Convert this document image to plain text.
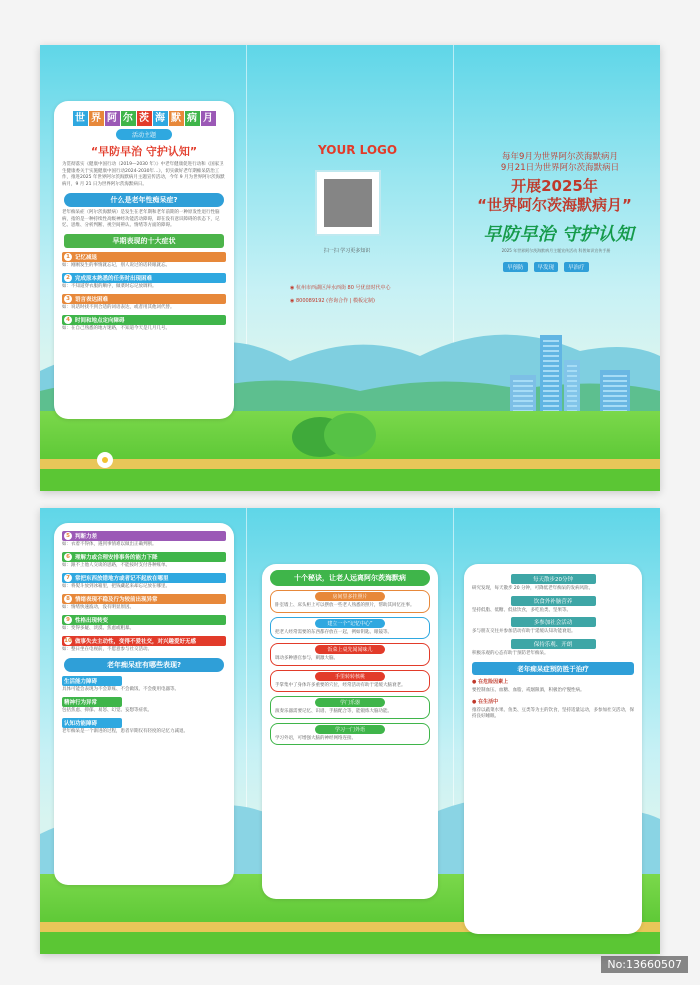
世 界 阿 尔 茨 海 默 病 月
活动主题
“早防早治 守护认知”
为贯彻落实《健康中国行动（2019—2030 年）》中老年健康促进行动和《国家卫生健康委关于实施健康中国行动2024-2030年…》，切实做好老年期痴呆防治工作，推进2025 年世界阿尔茨海默病月主题宣传活动，今年 9 月为世界阿尔茨海默病月，9 月 21 日为世界阿尔茨海默病日。
什么是老年性痴呆症?
老年痴呆症（阿尔茨海默病）是发生在老年期和老年前期的一种原发性退行性脑病，指的是一种持续性高级神经功能活动障碍，即在没有意识障碍的状态下，记忆、思维、分析判断、视空间辨认、情绪等方面的障碍。
早期表现的十大症状
1 记忆减退
如：刚刚发生的事情就忘记，别人说过的话转眼就忘。
2 完成原本熟悉的任务时出现困难
如：不知道穿衣服的顺序，做菜时忘记放调料。
3 语言表达困难
如：说话时找不到合适的词语表达，或者用其他词代替。
4 时间和地点定向障碍
如：在自己熟悉的地方迷路，不知道今天是几月几号。
YOUR LOGO
扫一扫 学习更多知识
◉ 杭州市西湖区萍水西街 80 号优盘时代中心
◉ 800089192 (咨询合作 | 模板定制)
每年9月为世界阿尔茨海默病月
9月21日为世界阿尔茨海默病日
开展2025年
“世界阿尔茨海默病月”
早防早治 守护认知
2025 年世界阿尔茨海默病月主题宣传活动 科普知识宣传手册
早预防	早发现	早治疗
5 判断力差
如：衣着不得体，遇到事情难以做出正确判断。
6 理解力或合理安排事务的能力下降
如：跟不上他人交谈的思路，不能按时支付各种账单。
7 常把东西放错地方或者记不起放在哪里
如：将熨斗放到冰箱里，把钱藏起来却忘记放在哪里。
8 情绪表现不稳及行为较前出现异常
如：情绪快速波动，没有明显原因。
9 性格出现转变
如：变得多疑、淡漠、焦虑或粗暴。
10 做事失去主动性，变得不爱社交，对兴趣爱好无感
如：整日坐在电视前，不愿意参与社交活动。
老年痴呆症有哪些表现?
生活能力障碍
具体可能会表现为不会算账、不会做饭、不会使用电器等。
精神行为异常
包括焦虑、抑郁、易怒、幻觉、妄想等症状。
认知功能障碍
老年痴呆是一个渐进的过程，患者早期仅有轻度的记忆力减退。
十个秘诀，让老人远离阿尔茨海默病
房间里多挂照片

卧室墙上、床头柜上可以摆放一些老人熟悉的照片，帮助其回忆往事。

建立一个“记忆中心”

把老人经常需要的东西都存放在一起，例如钥匙、眼镜等。

饭菜上桌先闻闻味儿

调动多种感官参与，刺激大脑。

手里转转核桃

手掌集中了身体许多重要的穴位，经常活动有助于延缓大脑衰老。

学门乐器

演奏乐器需要记忆、识谱、手脑配合等，能锻炼大脑功能。

学习一门外语

学习外语，可增强大脑的神经网络连接。

每天散步20分钟

研究发现，每天散步 20 分钟，可降低老年痴呆的发病风险。

饮食外补脑营养

坚持低脂、低糖、低盐饮食，多吃鱼类、坚果等。

多参加社会活动

多与朋友交往并参加活动有助于延缓认知功能衰退。

保持乐观、开朗

积极乐观的心态有助于预防老年痴呆。

老年痴呆症预防胜于治疗
● 在危险因素上
要控制血压、血糖、血脂，戒烟限酒，积极治疗慢性病。
● 在生活中
推荐以蔬菜水果、鱼类、豆类等为主的饮食，坚持适量运动，多参加社交活动，保持良好睡眠。
No:13660507
